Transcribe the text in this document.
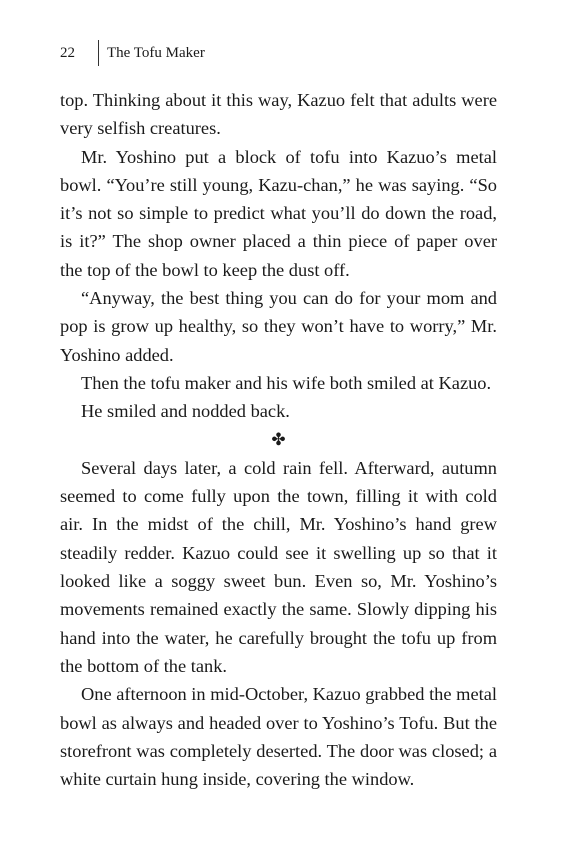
22	The Tofu Maker

top. Thinking about it this way, Kazuo felt that adults were very selfish creatures.

Mr. Yoshino put a block of tofu into Kazuo’s metal bowl. “You’re still young, Kazu-chan,” he was saying. “So it’s not so simple to predict what you’ll do down the road, is it?” The shop owner placed a thin piece of paper over the top of the bowl to keep the dust off.

“Anyway, the best thing you can do for your mom and pop is grow up healthy, so they won’t have to worry,” Mr. Yoshino added.

Then the tofu maker and his wife both smiled at Kazuo.

He smiled and nodded back.

✤

Several days later, a cold rain fell. Afterward, autumn seemed to come fully upon the town, filling it with cold air. In the midst of the chill, Mr. Yoshino’s hand grew steadily redder. Kazuo could see it swelling up so that it looked like a soggy sweet bun. Even so, Mr. Yoshino’s movements remained exactly the same. Slowly dipping his hand into the water, he carefully brought the tofu up from the bottom of the tank.

One afternoon in mid-October, Kazuo grabbed the metal bowl as always and headed over to Yoshino’s Tofu. But the storefront was completely deserted. The door was closed; a white curtain hung inside, covering the window.
